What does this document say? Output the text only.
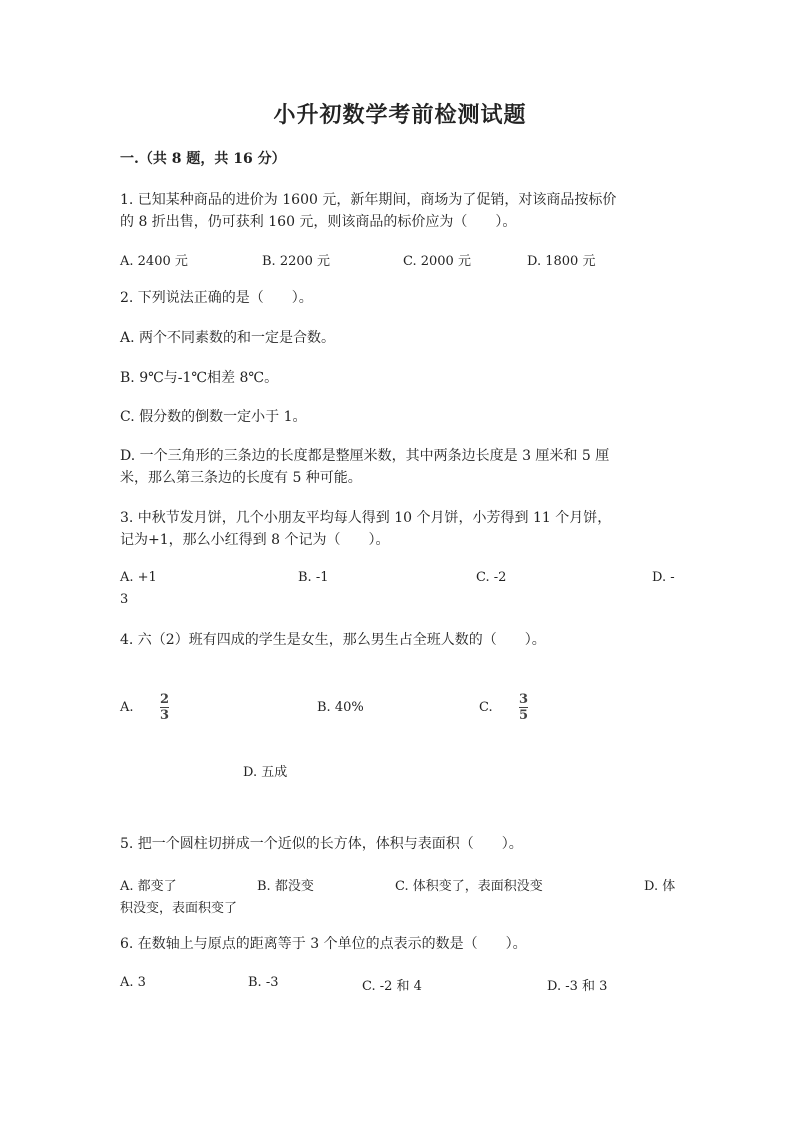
小升初数学考前检测试题
一.（共 8 题，共 16 分）
1. 已知某种商品的进价为 1600 元，新年期间，商场为了促销，对该商品按标价
的 8 折出售，仍可获利 160 元，则该商品的标价应为（　　）。
A. 2400 元	B. 2200 元	C. 2000 元	D. 1800 元
2. 下列说法正确的是（　　）。
A. 两个不同素数的和一定是合数。
B. 9℃与-1℃相差 8℃。
C. 假分数的倒数一定小于 1。
D. 一个三角形的三条边的长度都是整厘米数，其中两条边长度是 3 厘米和 5 厘
米，那么第三条边的长度有 5 种可能。
3. 中秋节发月饼，几个小朋友平均每人得到 10 个月饼，小芳得到 11 个月饼，
记为+1，那么小红得到 8 个记为（　　）。
A. +1	B. -1	C. -2	D. -
3
4. 六（2）班有四成的学生是女生，那么男生占全班人数的（　　）。
A. $\frac{2}{3}$	B. 40%	C. $\frac{3}{5}$
D. 五成
5. 把一个圆柱切拼成一个近似的长方体，体积与表面积（　　）。
A. 都变了	B. 都没变	C. 体积变了，表面积没变	D. 体
积没变，表面积变了
6. 在数轴上与原点的距离等于 3 个单位的点表示的数是（　　）。
A. 3	B. -3	C. -2 和 4	D. -3 和 3
